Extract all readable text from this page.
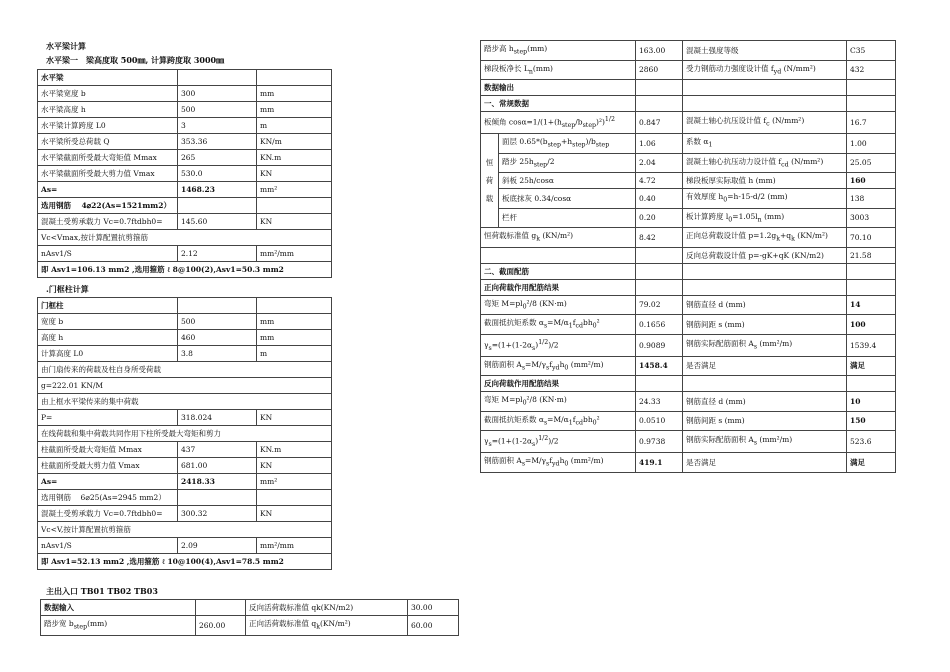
水平梁计算
水平梁一　梁高度取 500㎜, 计算跨度取 3000㎜
水平梁		
水平梁宽度 b	300	mm
水平梁高度 h	500	mm
水平梁计算跨度 L0	3	m
水平梁所受总荷载 Q	353.36	KN/m
水平梁截面所受最大弯矩值 Mmax	265	KN.m
水平梁截面所受最大剪力值 Vmax	530.0	KN
As=	1468.23	mm²
选用钢筋 4⌀22(As=1521mm2）		
混凝土受剪承载力 Vc=0.7ftdbh0=	145.60	KN
Vc<Vmax,按计算配置抗剪箍筋		
nAsv1/S	2.12	mm²/mm
即 Asv1=106.13 mm2 ,选用箍筋 ℓ 8@100(2),Asv1=50.3 mm2		
.门框柱计算
门框柱		
宽度 b	500	mm
高度 h	460	mm
计算高度 L0	3.8	m
由门扇传来的荷载及柱自身所受荷载		
g=222.01 KN/M		
由上框水平梁传来的集中荷载		
P=	318.024	KN
在线荷载和集中荷载共同作用下柱所受最大弯矩和剪力		
柱截面所受最大弯矩值 Mmax	437	KN.m
柱截面所受最大剪力值 Vmax	681.00	KN
As=	2418.33	mm²
选用钢筋 6⌀25(As=2945 mm2）		
混凝土受剪承载力 Vc=0.7ftdbh0=	300.32	KN
Vc<V,按计算配置抗剪箍筋		
nAsv1/S	2.09	mm²/mm
即 Asv1=52.13 mm2 ,选用箍筋 ℓ 10@100(4),Asv1=78.5 mm2		
主出入口 TB01 TB02 TB03
数据输入		反向活荷载标准值 qk(KN/m2)	30.00
踏步宽 $b_{step}(mm)$	260.00	正向活荷载标准值 $q_k(KN/m^2)$	60.00
踏步高 $h_{step}(mm)$		163.00	混凝土强度等级	C35
梯段板净长 $L_n(mm)$		2860	受力钢筋动力强度设计值 $f_{yd}$ (N/mm²)	432
数据输出				
一、常规数据				
板倾角 $\cos\alpha=1/(1+(h_{step}/b_{step})^2)^{1/2}$		0.847	混凝土轴心抗压设计值 $f_c$ (N/mm²)	16.7
恒
荷
载	面层 $0.65*(b_{step}+h_{step})/b_{step}$	1.06	系数 $\alpha_1$	1.00
	踏步 $25h_{step}/2$	2.04	混凝土轴心抗压动力设计值 $f_{cd}$ (N/mm²)	25.05
	斜板 25h/cosα	4.72	梯段板厚实际取值 h (mm)	160
	板底抹灰 0.34/cosα	0.40	有效厚度 $h_0=h-15-d/2$ (mm)	138
	栏杆	0.20	板计算跨度 $l_0=1.05l_n$ (mm)	3003
恒荷载标准值 $g_k$ (KN/m²)		8.42	正向总荷载设计值 $p=1.2g_k+q_k$ (KN/m²)	70.10
			反向总荷载设计值 p=-gK+qK (KN/m2)	21.58
二、截面配筋				
正向荷载作用配筋结果				
弯矩 $M=pl_0^2/8$ (KN·m)		79.02	钢筋直径 d (mm)	14
截面抵抗矩系数 $\alpha_s=M/\alpha_1f_{cd}bh_0^2$		0.1656	钢筋间距 s (mm)	100
$\gamma_s=(1+(1-2\alpha_s)^{1/2})/2$		0.9089	钢筋实际配筋面积 $A_s$ (mm²/m)	1539.4
钢筋面积 $A_s=M/\gamma_sf_{yd}h_0$ (mm²/m)		1458.4	是否满足	满足
反向荷载作用配筋结果				
弯矩 $M=pl_0^2/8$ (KN·m)		24.33	钢筋直径 d (mm)	10
截面抵抗矩系数 $\alpha_s=M/\alpha_1f_{cd}bh_0^2$		0.0510	钢筋间距 s (mm)	150
$\gamma_s=(1+(1-2\alpha_s)^{1/2})/2$		0.9738	钢筋实际配筋面积 $A_s$ (mm²/m)	523.6
钢筋面积 $A_s=M/\gamma_sf_{yd}h_0$ (mm²/m)		419.1	是否满足	满足
